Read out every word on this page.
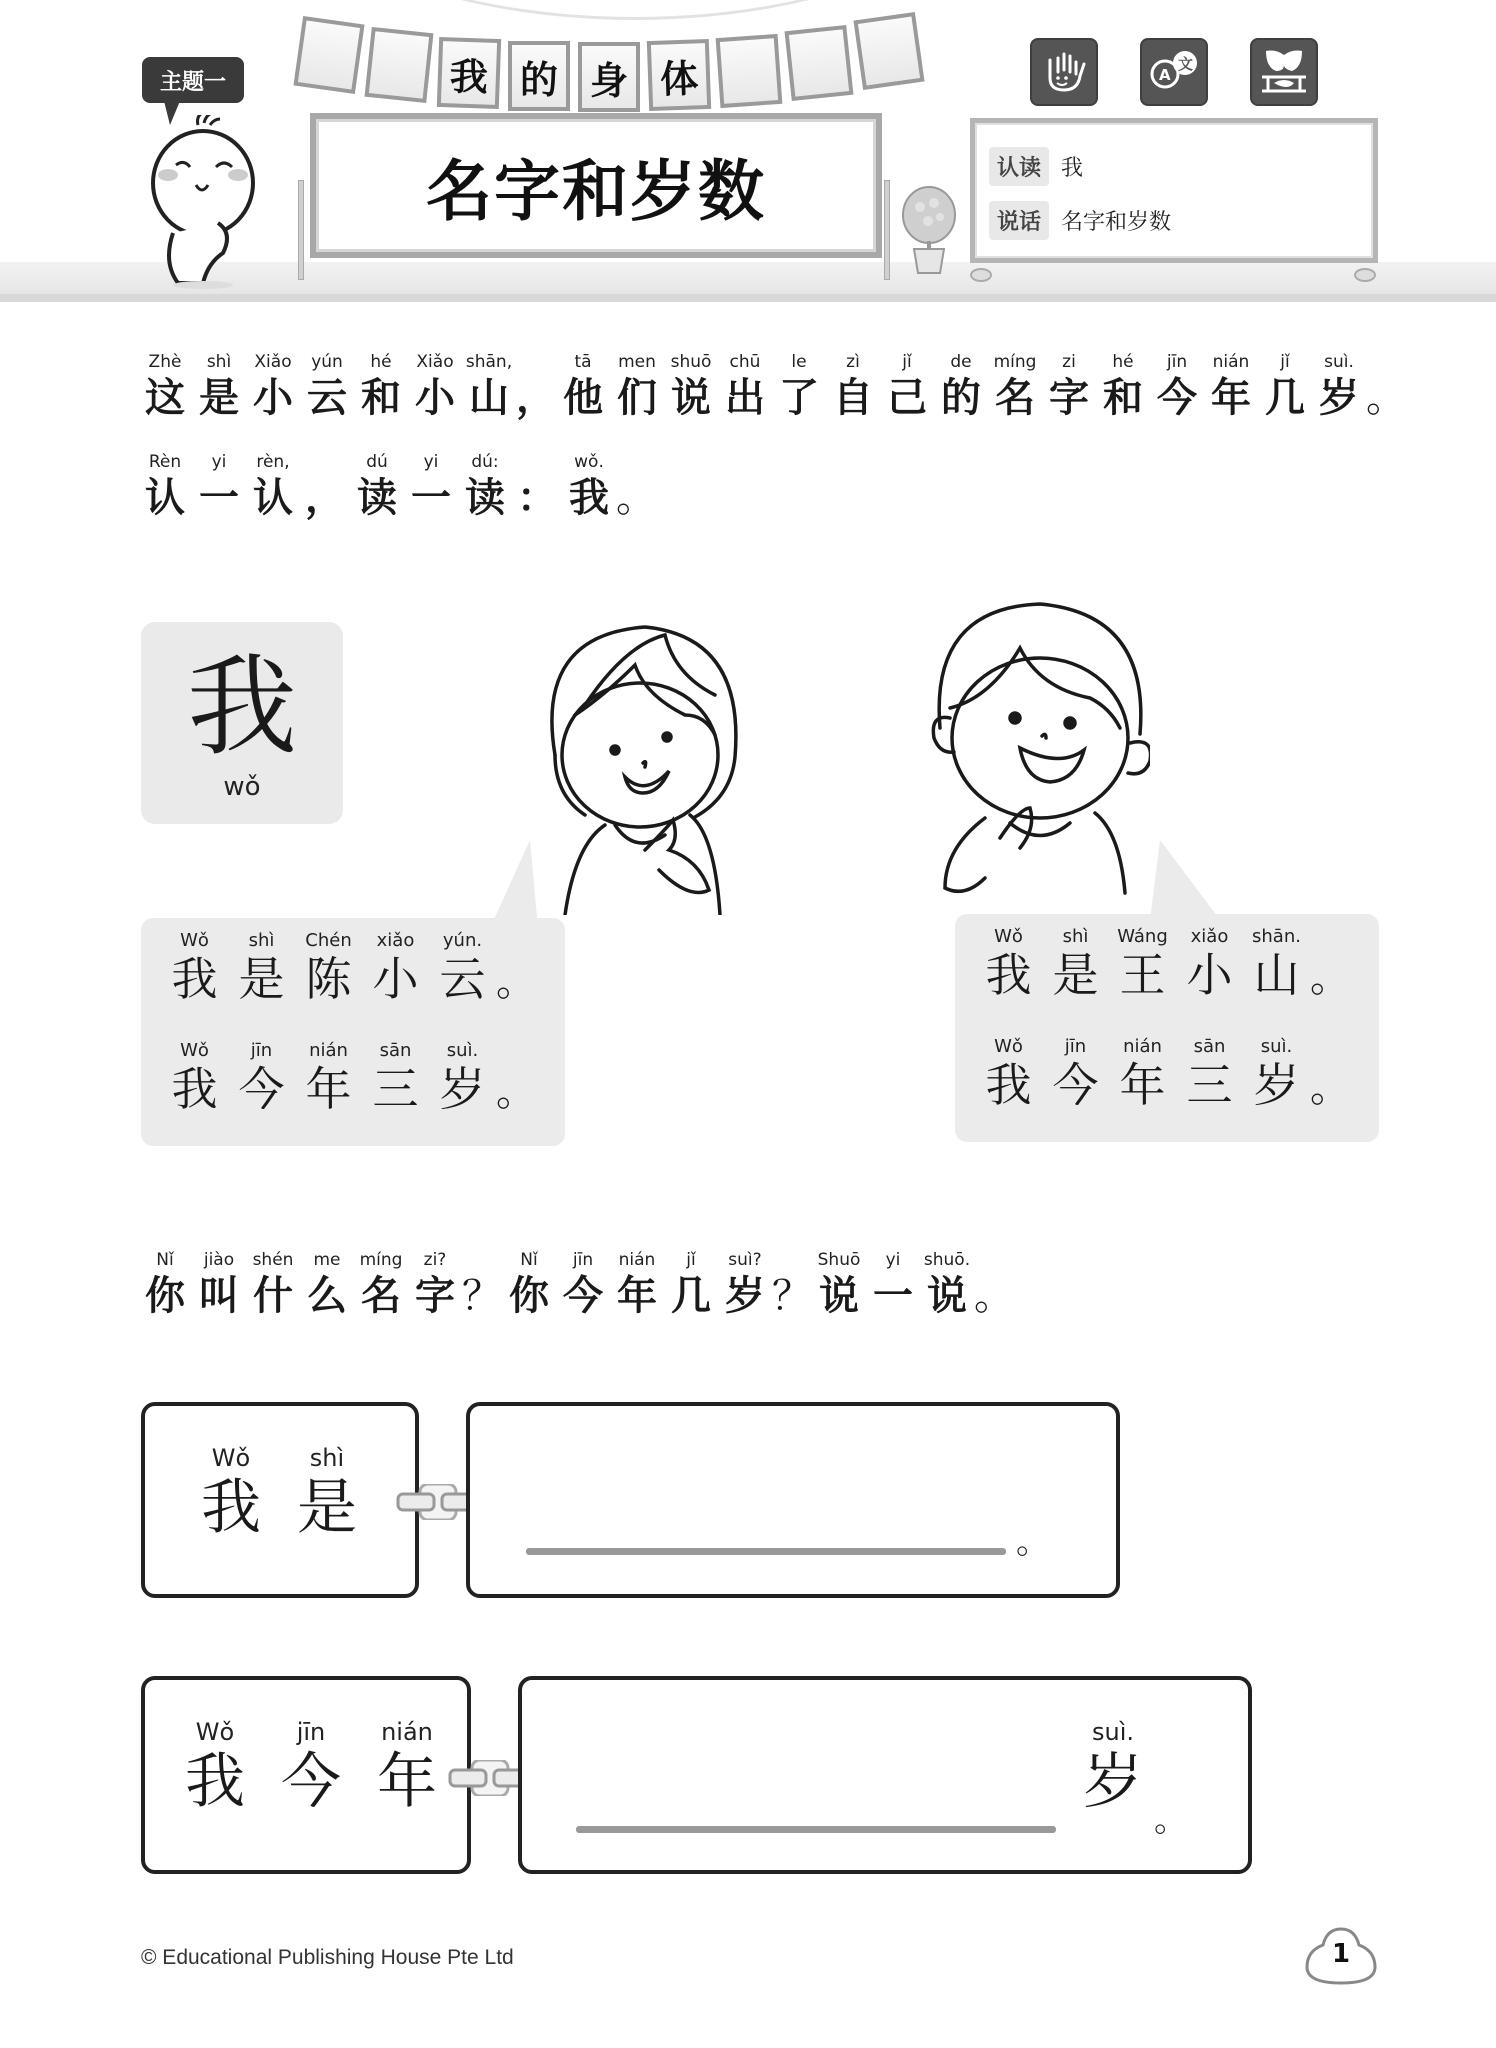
主题一	我 的 身 体
名字和岁数
A
文
认读 我
说话 名字和岁数
Zhè
这
shì
是
Xiǎo
小
yún
云
hé
和
Xiǎo
小
shān,
山 ，
tā
他
men
们
shuō
说
chū
出
le
了
zì
自
jǐ
己
de
的
míng
名
zi
字
hé
和
jīn
今
nián
年
jǐ
几
suì.
岁 。
Rèn
认
yi
一
rèn,
认 ，
dú
读
yi
一
dú:
读 ：
wǒ.
我 。
我
wǒ
Wǒ
我
shì
是
Chén
陈
xiǎo
小
yún.
云 。
Wǒ
我
jīn
今
nián
年
sān
三
suì.
岁 。
Wǒ
我
shì
是
Wáng
王
xiǎo
小
shān.
山 。
Wǒ
我
jīn
今
nián
年
sān
三
suì.
岁 。
Nǐ
你
jiào
叫
shén
什
me
么
míng
名
zi?
字 ？
Nǐ
你
jīn
今
nián
年
jǐ
几
suì?
岁 ？
Shuō
说
yi
一
shuō.
说 。
Wǒ
我
shì
是	。
Wǒ
我
jīn
今
nián
年
suì.
岁
。
© Educational Publishing House Pte Ltd	1
